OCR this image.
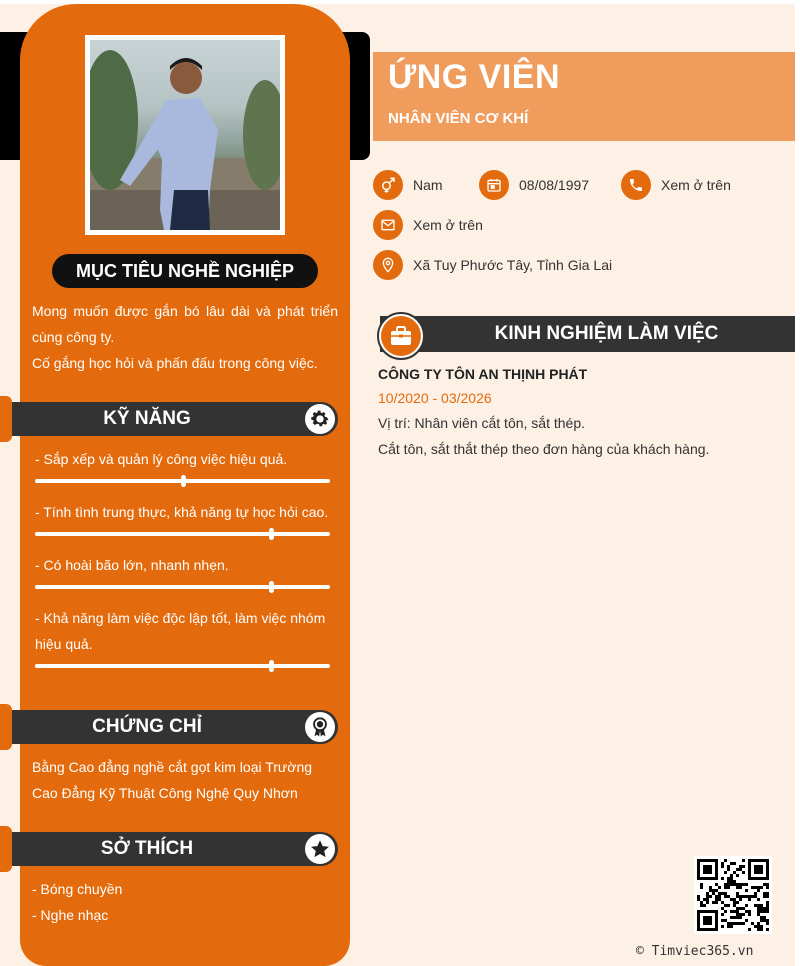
MỤC TIÊU NGHỀ NGHIỆP
Mong muốn được gắn bó lâu dài và phát triển cùng công ty.
Cố gắng học hỏi và phấn đấu trong công việc.
KỸ NĂNG
- Sắp xếp và quản lý công việc hiệu quả.
- Tính tình trung thực, khả năng tự học hỏi cao.
- Có hoài bão lớn, nhanh nhẹn.
- Khả năng làm việc độc lập tốt, làm việc nhóm hiệu quả.
CHỨNG CHỈ
Bằng Cao đẳng nghề cắt gọt kim loại Trường Cao Đẳng Kỹ Thuật Công Nghệ Quy Nhơn
SỞ THÍCH
- Bóng chuyền
- Nghe nhạc
ỨNG VIÊN
NHÂN VIÊN CƠ KHÍ
Nam	08/08/1997	Xem ở trên
Xem ở trên
Xã Tuy Phước Tây, Tỉnh Gia Lai
KINH NGHIỆM LÀM VIỆC
CÔNG TY TÔN AN THỊNH PHÁT
10/2020 - 03/2026
Vị trí: Nhân viên cắt tôn, sắt thép.
Cắt tôn, sắt thắt thép theo đơn hàng của khách hàng.
© Timviec365.vn
